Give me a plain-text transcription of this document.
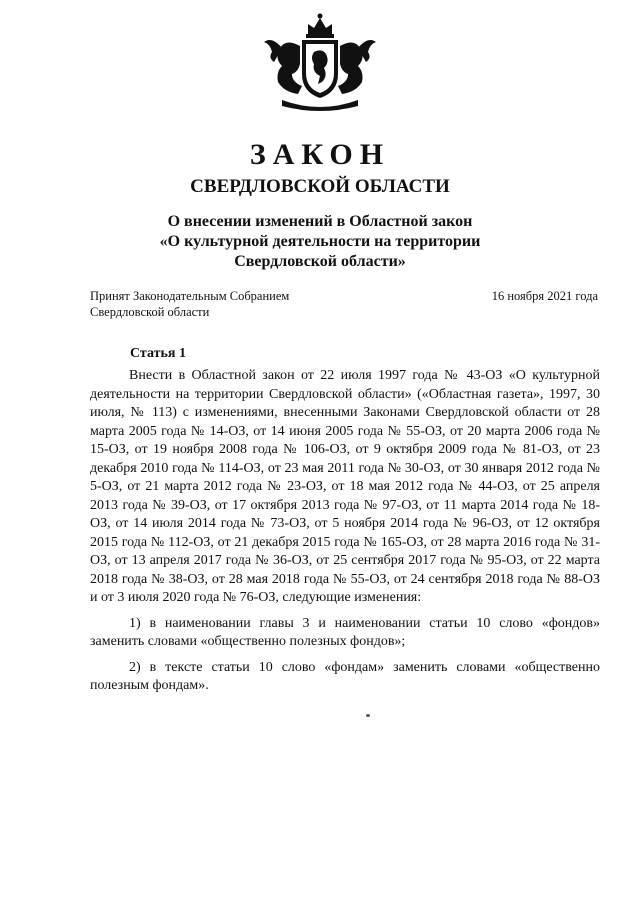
ЗАКОН
СВЕРДЛОВСКОЙ ОБЛАСТИ
О внесении изменений в Областной закон
«О культурной деятельности на территории
Свердловской области»
Принят Законодательным Собранием
Свердловской области
16 ноября 2021 года
Статья 1

Внести в Областной закон от 22 июля 1997 года № 43-ОЗ «О культурной деятельности на территории Свердловской области» («Областная газета», 1997, 30 июля, № 113) с изменениями, внесенными Законами Свердловской области от 28 марта 2005 года № 14-ОЗ, от 14 июня 2005 года № 55-ОЗ, от 20 марта 2006 года № 15-ОЗ, от 19 ноября 2008 года № 106-ОЗ, от 9 октября 2009 года № 81-ОЗ, от 23 декабря 2010 года № 114-ОЗ, от 23 мая 2011 года № 30-ОЗ, от 30 января 2012 года № 5-ОЗ, от 21 марта 2012 года № 23-ОЗ, от 18 мая 2012 года № 44-ОЗ, от 25 апреля 2013 года № 39-ОЗ, от 17 октября 2013 года № 97-ОЗ, от 11 марта 2014 года № 18-ОЗ, от 14 июля 2014 года № 73-ОЗ, от 5 ноября 2014 года № 96-ОЗ, от 12 октября 2015 года № 112-ОЗ, от 21 декабря 2015 года № 165-ОЗ, от 28 марта 2016 года № 31-ОЗ, от 13 апреля 2017 года № 36-ОЗ, от 25 сентября 2017 года № 95-ОЗ, от 22 марта 2018 года № 38-ОЗ, от 28 мая 2018 года № 55-ОЗ, от 24 сентября 2018 года № 88-ОЗ и от 3 июля 2020 года № 76-ОЗ, следующие изменения:

1) в наименовании главы 3 и наименовании статьи 10 слово «фондов» заменить словами «общественно полезных фондов»;

2) в тексте статьи 10 слово «фондам» заменить словами «общественно полезным фондам».
